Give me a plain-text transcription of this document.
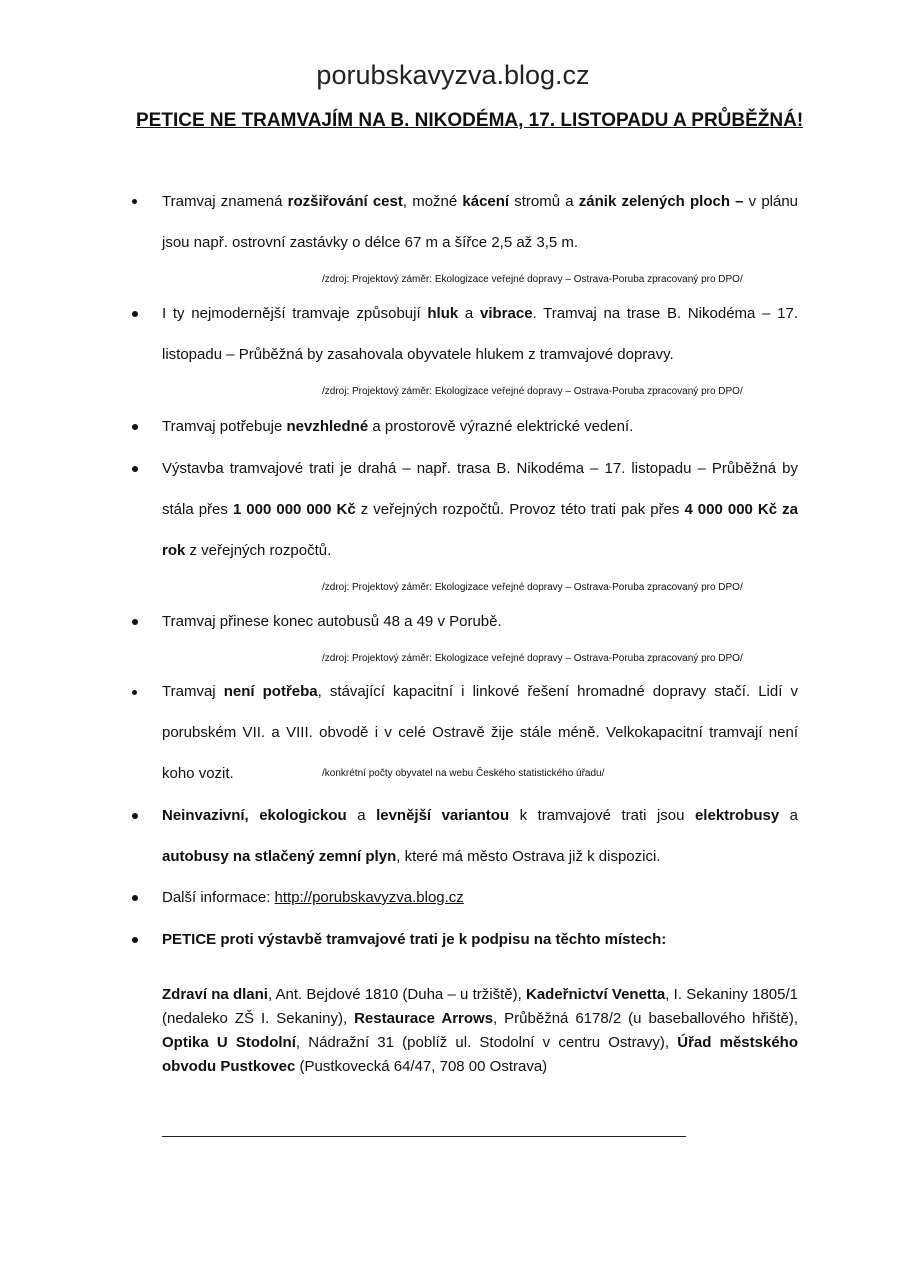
porubskavyzva.blog.cz
PETICE NE TRAMVAJÍM NA B. NIKODÉMA, 17. LISTOPADU A PRŮBĚŽNÁ!
Tramvaj znamená rozšiřování cest, možné kácení stromů a zánik zelených ploch – v plánu jsou např. ostrovní zastávky o délce 67 m a šířce 2,5 až 3,5 m.
/zdroj: Projektový záměr: Ekologizace veřejné dopravy – Ostrava-Poruba zpracovaný pro DPO/
I ty nejmodernější tramvaje způsobují hluk a vibrace. Tramvaj na trase B. Nikodéma – 17. listopadu – Průběžná by zasahovala obyvatele hlukem z tramvajové dopravy.
/zdroj: Projektový záměr: Ekologizace veřejné dopravy – Ostrava-Poruba zpracovaný pro DPO/
Tramvaj potřebuje nevzhledné a prostorově výrazné elektrické vedení.
Výstavba tramvajové trati je drahá – např. trasa B. Nikodéma – 17. listopadu – Průběžná by stála přes 1 000 000 000 Kč z veřejných rozpočtů. Provoz této trati pak přes 4 000 000 Kč za rok z veřejných rozpočtů.
/zdroj: Projektový záměr: Ekologizace veřejné dopravy – Ostrava-Poruba zpracovaný pro DPO/
Tramvaj přinese konec autobusů 48 a 49 v Porubě.
/zdroj: Projektový záměr: Ekologizace veřejné dopravy – Ostrava-Poruba zpracovaný pro DPO/
Tramvaj není potřeba, stávající kapacitní i linkové řešení hromadné dopravy stačí. Lidí v porubském VII. a VIII. obvodě i v celé Ostravě žije stále méně. Velkokapacitní tramvají není koho vozit.	/konkrétní počty obyvatel na webu Českého statistického úřadu/
Neinvazivní, ekologickou a levnější variantou k tramvajové trati jsou elektrobusy a autobusy na stlačený zemní plyn, které má město Ostrava již k dispozici.
Další informace: http://porubskavyzva.blog.cz
PETICE proti výstavbě tramvajové trati je k podpisu na těchto místech:
Zdraví na dlani, Ant. Bejdové 1810 (Duha – u tržiště), Kadeřnictví Venetta, I. Sekaniny 1805/1 (nedaleko ZŠ I. Sekaniny), Restaurace Arrows, Průběžná 6178/2 (u baseballového hřiště), Optika U Stodolní, Nádražní 31 (poblíž ul. Stodolní v centru Ostravy), Úřad městského obvodu Pustkovec (Pustkovecká 64/47, 708 00 Ostrava)
